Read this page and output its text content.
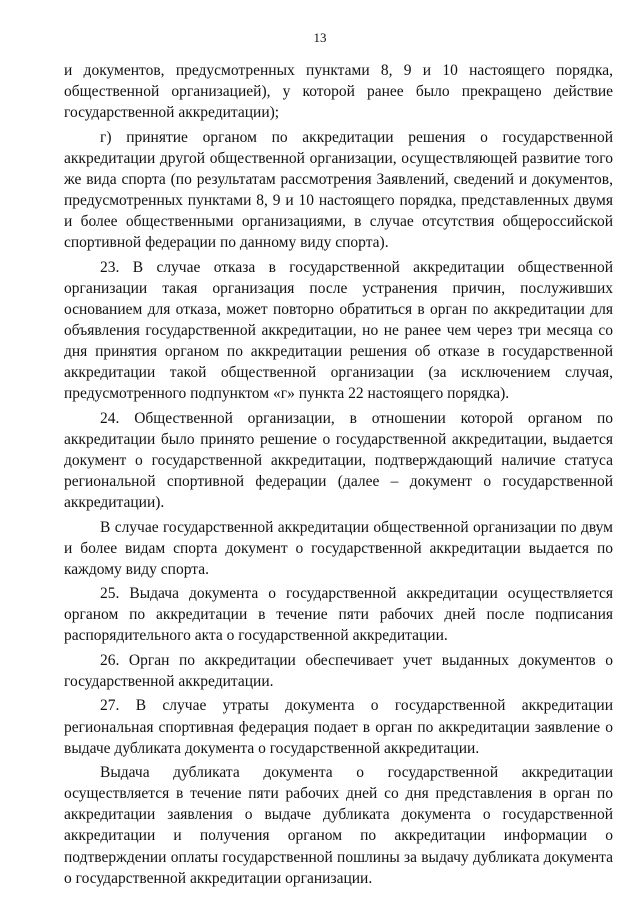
13

и документов, предусмотренных пунктами 8, 9 и 10 настоящего порядка, общественной организацией), у которой ранее было прекращено действие государственной аккредитации);

г) принятие органом по аккредитации решения о государственной аккредитации другой общественной организации, осуществляющей развитие того же вида спорта (по результатам рассмотрения Заявлений, сведений и документов, предусмотренных пунктами 8, 9 и 10 настоящего порядка, представленных двумя и более общественными организациями, в случае отсутствия общероссийской спортивной федерации по данному виду спорта).

23. В случае отказа в государственной аккредитации общественной организации такая организация после устранения причин, послуживших основанием для отказа, может повторно обратиться в орган по аккредитации для объявления государственной аккредитации, но не ранее чем через три месяца со дня принятия органом по аккредитации решения об отказе в государственной аккредитации такой общественной организации (за исключением случая, предусмотренного подпунктом «г» пункта 22 настоящего порядка).

24. Общественной организации, в отношении которой органом по аккредитации было принято решение о государственной аккредитации, выдается документ о государственной аккредитации, подтверждающий наличие статуса региональной спортивной федерации (далее – документ о государственной аккредитации).

В случае государственной аккредитации общественной организации по двум и более видам спорта документ о государственной аккредитации выдается по каждому виду спорта.

25. Выдача документа о государственной аккредитации осуществляется органом по аккредитации в течение пяти рабочих дней после подписания распорядительного акта о государственной аккредитации.

26. Орган по аккредитации обеспечивает учет выданных документов о государственной аккредитации.

27. В случае утраты документа о государственной аккредитации региональная спортивная федерация подает в орган по аккредитации заявление о выдаче дубликата документа о государственной аккредитации.

Выдача дубликата документа о государственной аккредитации осуществляется в течение пяти рабочих дней со дня представления в орган по аккредитации заявления о выдаче дубликата документа о государственной аккредитации и получения органом по аккредитации информации о подтверждении оплаты государственной пошлины за выдачу дубликата документа о государственной аккредитации организации.
